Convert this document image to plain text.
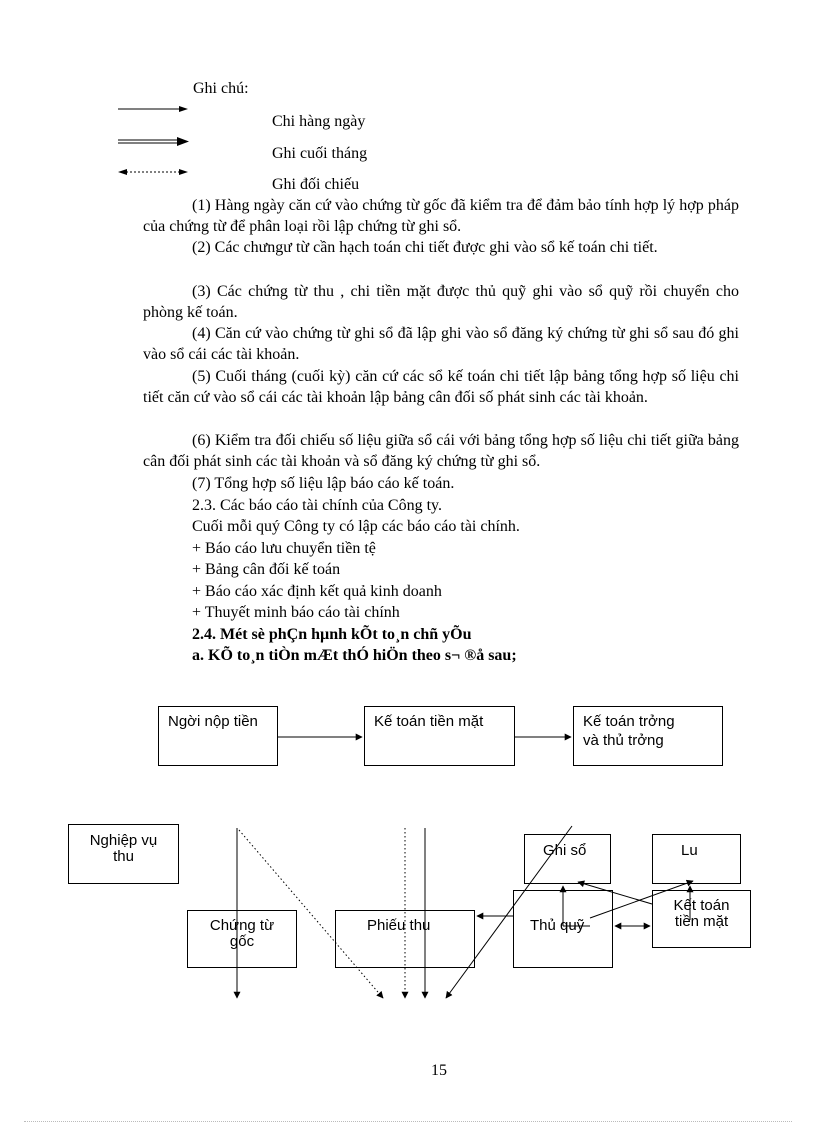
Ghi chú:
Chi hàng ngày
Ghi cuối tháng
Ghi đối chiếu
(1) Hàng ngày căn cứ vào chứng từ gốc đã kiểm tra để đảm bảo tính hợp lý hợp pháp của chứng từ để phân loại rồi lập chứng từ ghi sổ.
(2) Các chưngư từ cần hạch toán chi tiết được ghi vào sổ kế toán chi tiết.
(3) Các chứng từ thu , chi tiền mặt được thủ quỹ ghi vào sổ quỹ rồi chuyển cho phòng kế toán.
(4) Căn cứ vào chứng từ ghi sổ đã lập ghi vào sổ đăng ký chứng từ ghi sổ sau đó ghi vào sổ cái các tài khoản.
(5) Cuối tháng (cuối kỳ) căn cứ các sổ kế toán chi tiết lập bảng tổng hợp số liệu chi tiết căn cứ vào sổ cái các tài khoản lập bảng cân đối số phát sinh các tài khoản.
(6) Kiểm tra đối chiếu số liệu giữa sổ cái với bảng tổng hợp số liệu chi tiết giữa bảng cân đối phát sinh các tài khoản và sổ đăng ký chứng từ ghi sổ.
(7) Tổng hợp số liệu lập báo cáo kế toán.
2.3. Các báo cáo tài chính của Công ty.
Cuối mỗi quý Công ty có lập các báo cáo tài chính.
+ Báo cáo lưu chuyển tiền tệ
+ Bảng cân đối kế toán
+ Báo cáo xác định kết quả kinh doanh
+ Thuyết minh báo cáo tài chính
2.4. Mét sè phÇn hµnh kÕt to¸n chñ yÕu
a. KÕ to¸n tiÒn mÆt thÓ hiÖn theo s¬ ®å sau;
Ngời nộp tiền	Kế toán tiền mặt	Kế toán trởng
và thủ trởng
Nghiệp vụ
thu
Chứng từ
gốc
Phiếu thu	Thủ quỹ
Ghi sổ	Lu
Kết toán
tiền mặt
15
